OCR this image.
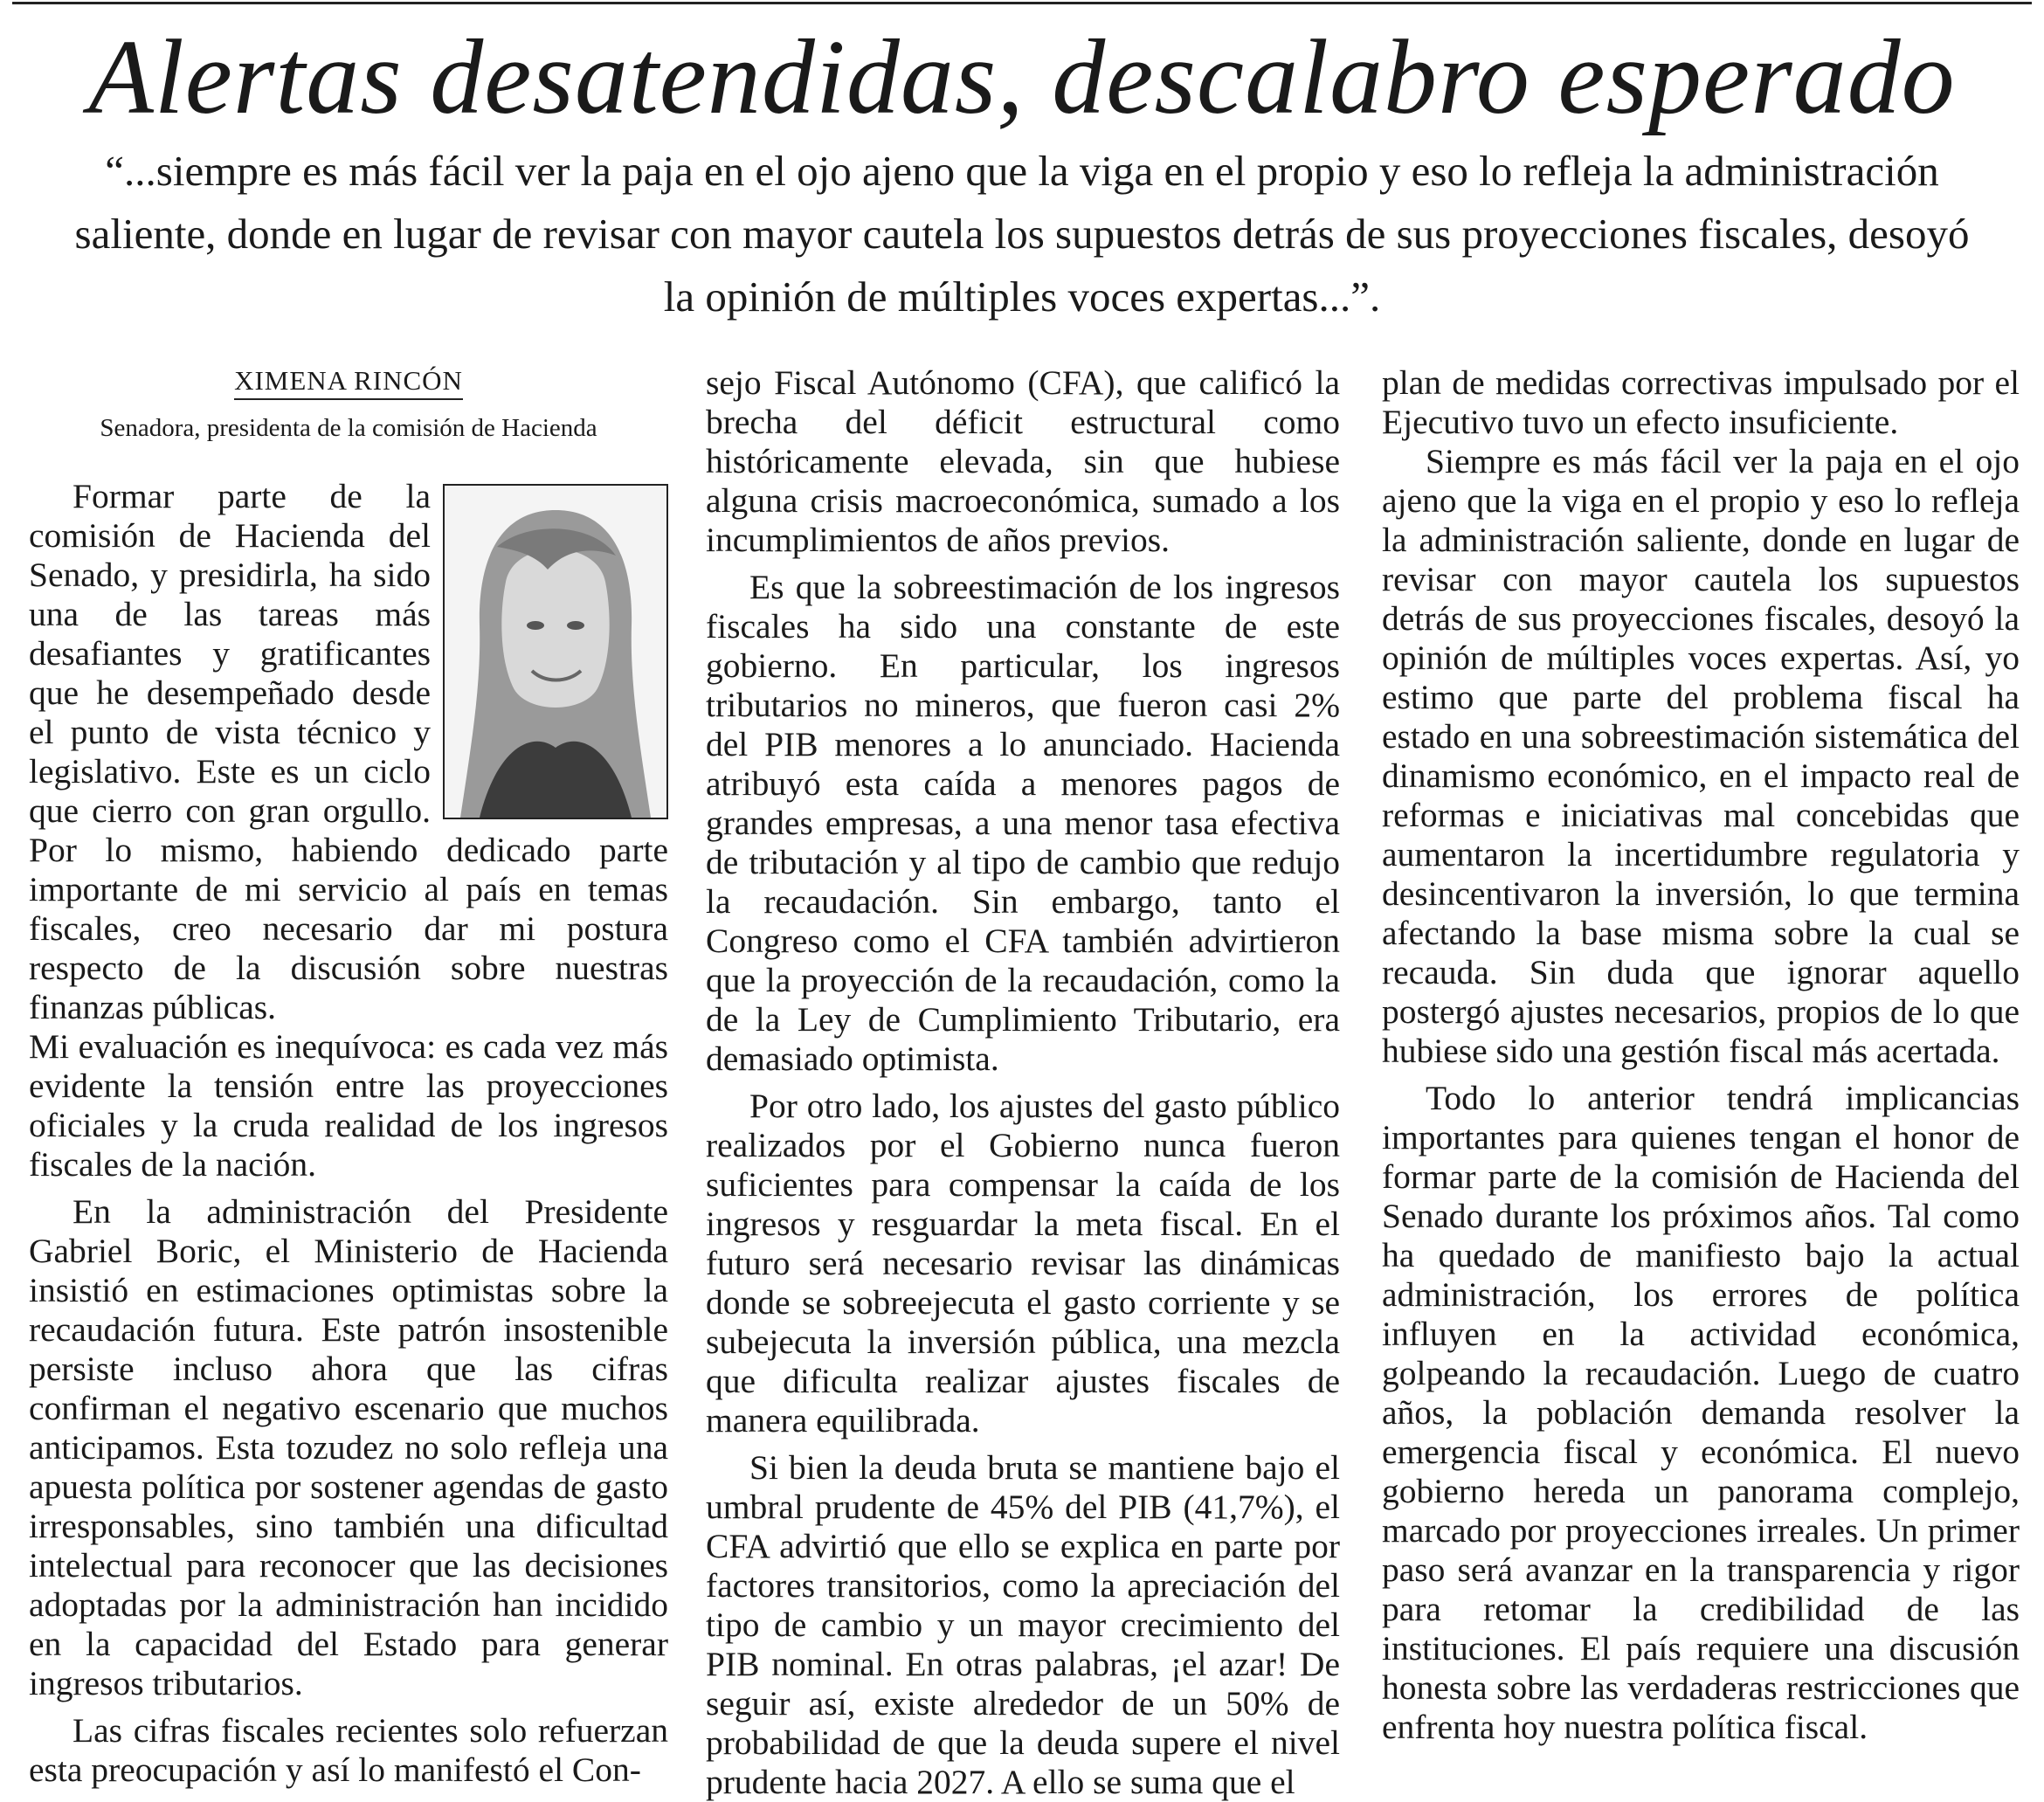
Alertas desatendidas, descalabro esperado

“...siempre es más fácil ver la paja en el ojo ajeno que la viga en el propio y eso lo refleja la administración saliente, donde en lugar de revisar con mayor cautela los supuestos detrás de sus proyecciones fiscales, desoyó la opinión de múltiples voces expertas...”.

XIMENA RINCÓN
Senadora, presidenta de la comisión de Hacienda

Formar parte de la comisión de Hacienda del Senado, y presidirla, ha sido una de las tareas más desafiantes y gratificantes que he desempeñado desde el punto de vista técnico y legislativo. Este es un ciclo que cierro con gran orgullo. Por lo mismo, habiendo dedicado parte importante de mi servicio al país en temas fiscales, creo necesario dar mi postura respecto de la discusión sobre nuestras finanzas públicas.

Mi evaluación es inequívoca: es cada vez más evidente la tensión entre las proyecciones oficiales y la cruda realidad de los ingresos fiscales de la nación.

En la administración del Presidente Gabriel Boric, el Ministerio de Hacienda insistió en estimaciones optimistas sobre la recaudación futura. Este patrón insostenible persiste incluso ahora que las cifras confirman el negativo escenario que muchos anticipamos. Esta tozudez no solo refleja una apuesta política por sostener agendas de gasto irresponsables, sino también una dificultad intelectual para reconocer que las decisiones adoptadas por la administración han incidido en la capacidad del Estado para generar ingresos tributarios.

Las cifras fiscales recientes solo refuerzan esta preocupación y así lo manifestó el Con-

sejo Fiscal Autónomo (CFA), que calificó la brecha del déficit estructural como históricamente elevada, sin que hubiese alguna crisis macroeconómica, sumado a los incumplimientos de años previos.

Es que la sobreestimación de los ingresos fiscales ha sido una constante de este gobierno. En particular, los ingresos tributarios no mineros, que fueron casi 2% del PIB menores a lo anunciado. Hacienda atribuyó esta caída a menores pagos de grandes empresas, a una menor tasa efectiva de tributación y al tipo de cambio que redujo la recaudación. Sin embargo, tanto el Congreso como el CFA también advirtieron que la proyección de la recaudación, como la de la Ley de Cumplimiento Tributario, era demasiado optimista.

Por otro lado, los ajustes del gasto público realizados por el Gobierno nunca fueron suficientes para compensar la caída de los ingresos y resguardar la meta fiscal. En el futuro será necesario revisar las dinámicas donde se sobreejecuta el gasto corriente y se subejecuta la inversión pública, una mezcla que dificulta realizar ajustes fiscales de manera equilibrada.

Si bien la deuda bruta se mantiene bajo el umbral prudente de 45% del PIB (41,7%), el CFA advirtió que ello se explica en parte por factores transitorios, como la apreciación del tipo de cambio y un mayor crecimiento del PIB nominal. En otras palabras, ¡el azar! De seguir así, existe alrededor de un 50% de probabilidad de que la deuda supere el nivel prudente hacia 2027. A ello se suma que el

plan de medidas correctivas impulsado por el Ejecutivo tuvo un efecto insuficiente.

Siempre es más fácil ver la paja en el ojo ajeno que la viga en el propio y eso lo refleja la administración saliente, donde en lugar de revisar con mayor cautela los supuestos detrás de sus proyecciones fiscales, desoyó la opinión de múltiples voces expertas. Así, yo estimo que parte del problema fiscal ha estado en una sobreestimación sistemática del dinamismo económico, en el impacto real de reformas e iniciativas mal concebidas que aumentaron la incertidumbre regulatoria y desincentivaron la inversión, lo que termina afectando la base misma sobre la cual se recauda. Sin duda que ignorar aquello postergó ajustes necesarios, propios de lo que hubiese sido una gestión fiscal más acertada.

Todo lo anterior tendrá implicancias importantes para quienes tengan el honor de formar parte de la comisión de Hacienda del Senado durante los próximos años. Tal como ha quedado de manifiesto bajo la actual administración, los errores de política influyen en la actividad económica, golpeando la recaudación. Luego de cuatro años, la población demanda resolver la emergencia fiscal y económica. El nuevo gobierno hereda un panorama complejo, marcado por proyecciones irreales. Un primer paso será avanzar en la transparencia y rigor para retomar la credibilidad de las instituciones. El país requiere una discusión honesta sobre las verdaderas restricciones que enfrenta hoy nuestra política fiscal.
